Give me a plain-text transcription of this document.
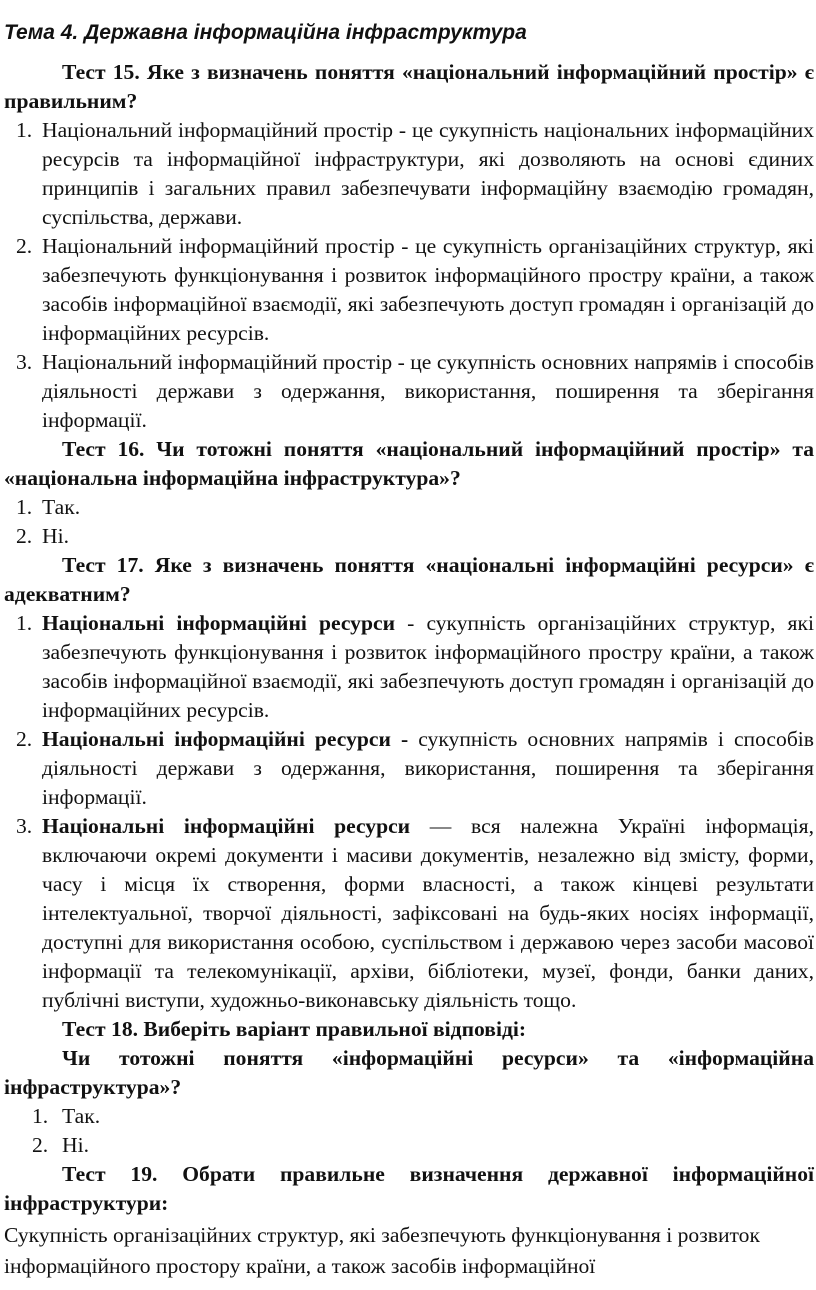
Тема 4. Державна інформаційна інфраструктура

Тест 15. Яке з визначень поняття «національний інформаційний простір» є правильним?

1. Національний інформаційний простір - це сукупність національних інформаційних ресурсів та інформаційної інфраструктури, які дозволяють на основі єдиних принципів і загальних правил забезпечувати інформаційну взаємодію громадян, суспільства, держави.
2. Національний інформаційний простір - це сукупність організаційних структур, які забезпечують функціонування і розвиток інформаційного простру країни, а також засобів інформаційної взаємодії, які забезпечують доступ громадян і організацій до інформаційних ресурсів.
3. Національний інформаційний простір - це сукупність основних напрямів і способів діяльності держави з одержання, використання, поширення та зберігання інформації.

Тест 16. Чи тотожні поняття «національний інформаційний простір» та «національна інформаційна інфраструктура»?

1. Так.
2. Ні.

Тест 17. Яке з визначень поняття «національні інформаційні ресурси» є адекватним?

1. Національні інформаційні ресурси - сукупність організаційних структур, які забезпечують функціонування і розвиток інформаційного простру країни, а також засобів інформаційної взаємодії, які забезпечують доступ громадян і організацій до інформаційних ресурсів.
2. Національні інформаційні ресурси - сукупність основних напрямів і способів діяльності держави з одержання, використання, поширення та зберігання інформації.
3. Національні інформаційні ресурси — вся належна Україні інформація, включаючи окремі документи і масиви документів, незалежно від змісту, форми, часу і місця їх створення, форми власності, а також кінцеві результати інтелектуальної, творчої діяльності, зафіксовані на будь-яких носіях інформації, доступні для використання особою, суспільством і державою через засоби масової інформації та телекомунікації, архіви, бібліотеки, музеї, фонди, банки даних, публічні виступи, художньо-виконавську діяльність тощо.

Тест 18. Виберіть варіант правильної відповіді:

Чи тотожні поняття «інформаційні ресурси» та «інформаційна інфраструктура»?

1. Так.
2. Ні.

Тест 19. Обрати правильне визначення державної інформаційної інфраструктури:

Сукупність організаційних структур, які забезпечують функціонування і розвиток інформаційного простору країни, а також засобів інформаційної
